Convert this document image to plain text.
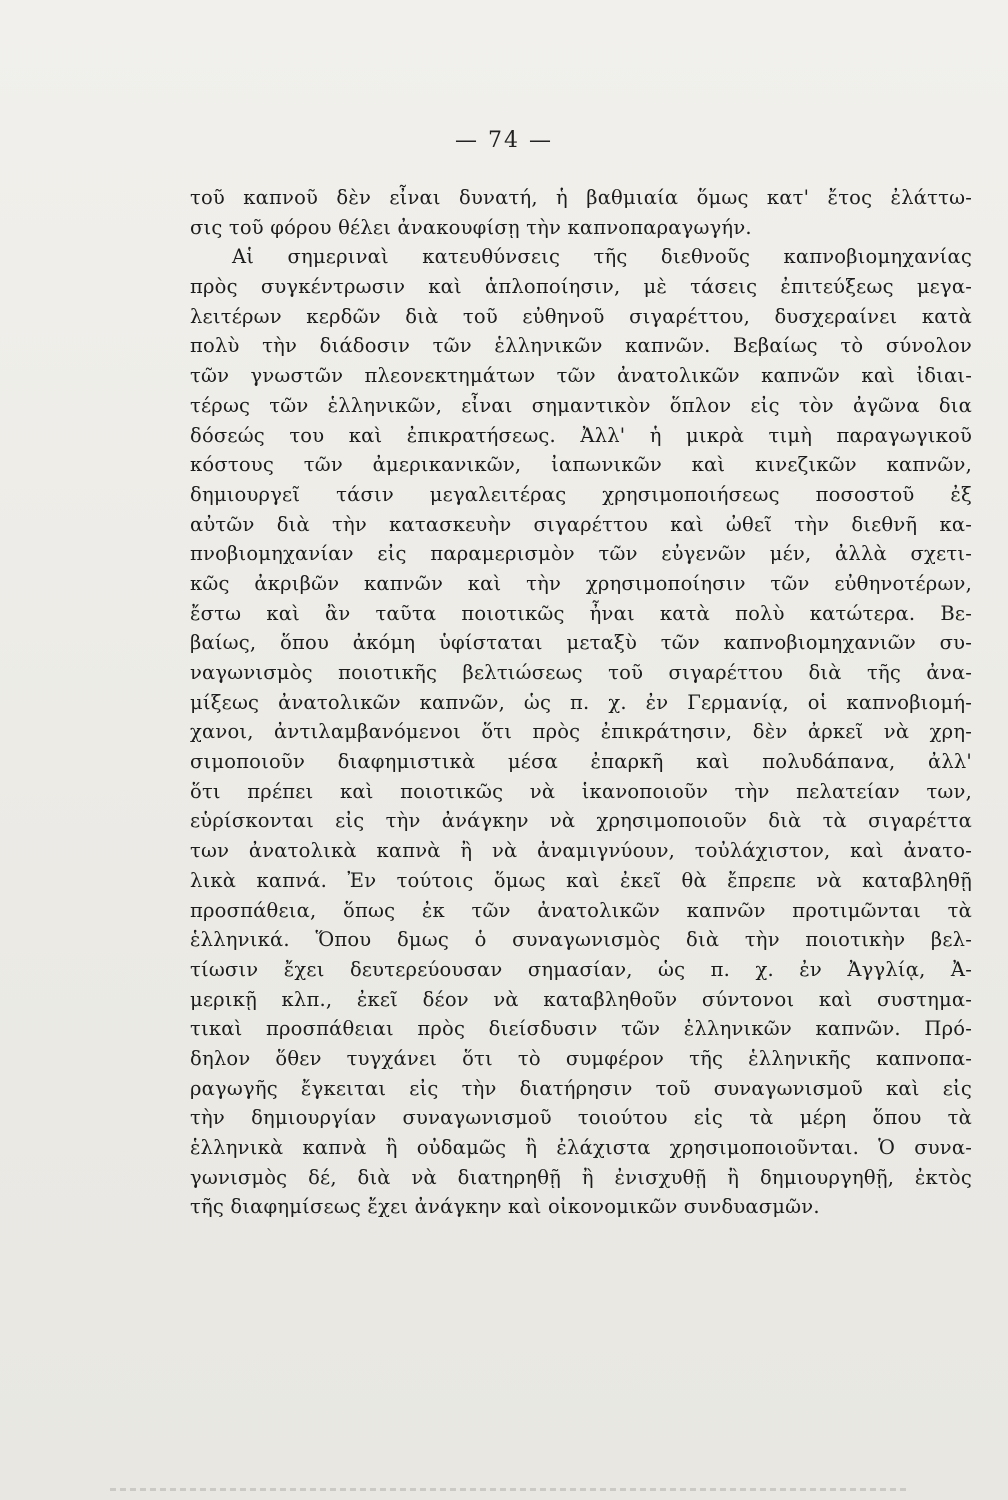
— 74 —
τοῦ καπνοῦ δὲν εἶναι δυνατή, ἡ βαθμιαία ὅμως κατ' ἔτος ἐλάττω-
σις τοῦ φόρου θέλει ἀνακουφίσῃ τὴν καπνοπαραγωγήν.
Αἱ σημεριναὶ κατευθύνσεις τῆς διεθνοῦς καπνοβιομηχανίας
πρὸς συγκέντρωσιν καὶ ἁπλοποίησιν, μὲ τάσεις ἐπιτεύξεως μεγα-
λειτέρων κερδῶν διὰ τοῦ εὐθηνοῦ σιγαρέττου, δυσχεραίνει κατὰ
πολὺ τὴν διάδοσιν τῶν ἑλληνικῶν καπνῶν. Βεβαίως τὸ σύνολον
τῶν γνωστῶν πλεονεκτημάτων τῶν ἀνατολικῶν καπνῶν καὶ ἰδιαι-
τέρως τῶν ἑλληνικῶν, εἶναι σημαντικὸν ὅπλον εἰς τὸν ἀγῶνα δια
δόσεώς του καὶ ἐπικρατήσεως. Ἀλλ' ἡ μικρὰ τιμὴ παραγωγικοῦ
κόστους τῶν ἀμερικανικῶν, ἰαπωνικῶν καὶ κινεζικῶν καπνῶν,
δημιουργεῖ τάσιν μεγαλειτέρας χρησιμοποιήσεως ποσοστοῦ ἐξ
αὐτῶν διὰ τὴν κατασκευὴν σιγαρέττου καὶ ὠθεῖ τὴν διεθνῆ κα-
πνοβιομηχανίαν εἰς παραμερισμὸν τῶν εὐγενῶν μέν, ἀλλὰ σχετι-
κῶς ἀκριβῶν καπνῶν καὶ τὴν χρησιμοποίησιν τῶν εὐθηνοτέρων,
ἔστω καὶ ἂν ταῦτα ποιοτικῶς ἦναι κατὰ πολὺ κατώτερα. Βε-
βαίως, ὅπου ἀκόμη ὑφίσταται μεταξὺ τῶν καπνοβιομηχανιῶν συ-
ναγωνισμὸς ποιοτικῆς βελτιώσεως τοῦ σιγαρέττου διὰ τῆς ἀνα-
μίξεως ἀνατολικῶν καπνῶν, ὡς π. χ. ἐν Γερμανίᾳ, οἱ καπνοβιομή-
χανοι, ἀντιλαμβανόμενοι ὅτι πρὸς ἐπικράτησιν, δὲν ἀρκεῖ νὰ χρη-
σιμοποιοῦν διαφημιστικὰ μέσα ἐπαρκῆ καὶ πολυδάπανα, ἀλλ'
ὅτι πρέπει καὶ ποιοτικῶς νὰ ἱκανοποιοῦν τὴν πελατείαν των,
εὑρίσκονται εἰς τὴν ἀνάγκην νὰ χρησιμοποιοῦν διὰ τὰ σιγαρέττα
των ἀνατολικὰ καπνὰ ἢ νὰ ἀναμιγνύουν, τοὐλάχιστον, καὶ ἀνατο-
λικὰ καπνά. Ἐν τούτοις ὅμως καὶ ἐκεῖ θὰ ἔπρεπε νὰ καταβληθῇ
προσπάθεια, ὅπως ἐκ τῶν ἀνατολικῶν καπνῶν προτιμῶνται τὰ
ἑλληνικά. Ὅπου δμως ὁ συναγωνισμὸς διὰ τὴν ποιοτικὴν βελ-
τίωσιν ἔχει δευτερεύουσαν σημασίαν, ὡς π. χ. ἐν Ἀγγλίᾳ, Ἀ-
μερικῇ κλπ., ἐκεῖ δέον νὰ καταβληθοῦν σύντονοι καὶ συστημα-
τικαὶ προσπάθειαι πρὸς διείσδυσιν τῶν ἑλληνικῶν καπνῶν. Πρό-
δηλον ὅθεν τυγχάνει ὅτι τὸ συμφέρον τῆς ἑλληνικῆς καπνοπα-
ραγωγῆς ἔγκειται εἰς τὴν διατήρησιν τοῦ συναγωνισμοῦ καὶ εἰς
τὴν δημιουργίαν συναγωνισμοῦ τοιούτου εἰς τὰ μέρη ὅπου τὰ
ἑλληνικὰ καπνὰ ἢ οὐδαμῶς ἢ ἐλάχιστα χρησιμοποιοῦνται. Ὁ συνα-
γωνισμὸς δέ, διὰ νὰ διατηρηθῇ ἢ ἐνισχυθῇ ἢ δημιουργηθῇ, ἐκτὸς
τῆς διαφημίσεως ἔχει ἀνάγκην καὶ οἰκονομικῶν συνδυασμῶν.
